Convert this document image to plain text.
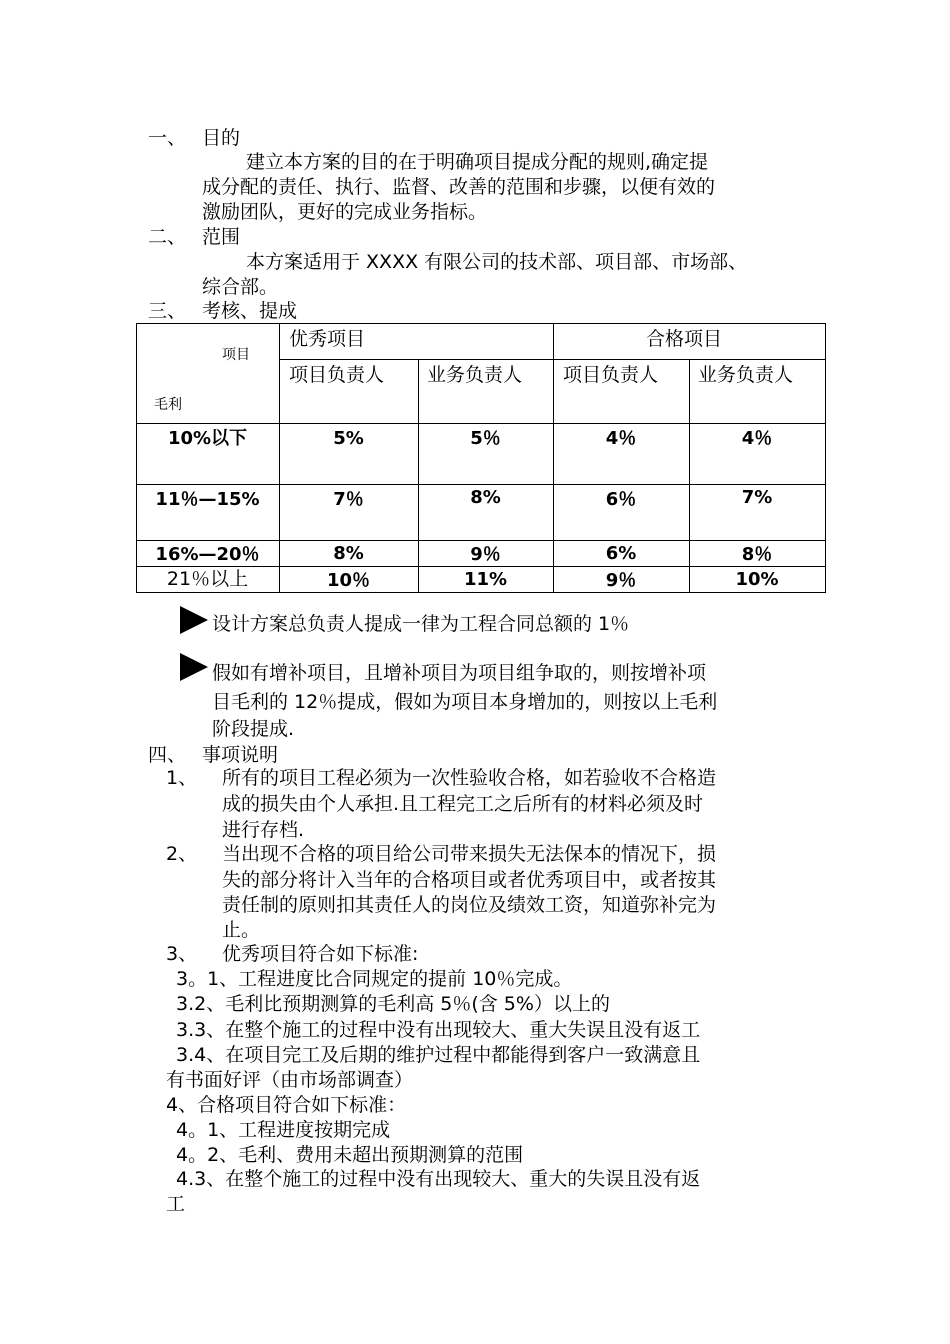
一、 目的
建立本方案的目的在于明确项目提成分配的规则,确定提
成分配的责任、执行、监督、改善的范围和步骤，以便有效的
激励团队，更好的完成业务指标。
二、 范围
本方案适用于 XXXX 有限公司的技术部、项目部、市场部、
综合部。
三、 考核、提成
项目
毛利
优秀项目	合格项目
项目负责人 业务负责人 项目负责人 业务负责人
10%以下	5%	5％	4％	4％
11％—15%	7％	8%	6％	7%
16%—20％	8%	9％	6%	8％
21％以上	10％	11%	9％	10%
设计方案总负责人提成一律为工程合同总额的 1％
假如有增补项目，且增补项目为项目组争取的，则按增补项
目毛利的 12％提成，假如为项目本身增加的，则按以上毛利
阶段提成.
四、 事项说明
1、 所有的项目工程必须为一次性验收合格，如若验收不合格造
成的损失由个人承担.且工程完工之后所有的材料必须及时
进行存档.
2、 当出现不合格的项目给公司带来损失无法保本的情况下，损
失的部分将计入当年的合格项目或者优秀项目中，或者按其
责任制的原则扣其责任人的岗位及绩效工资，知道弥补完为
止。
3、 优秀项目符合如下标准:
3。1、工程进度比合同规定的提前 10％完成。
3.2、毛利比预期测算的毛利高 5％(含 5%）以上的
3.3、在整个施工的过程中没有出现较大、重大失误且没有返工
3.4、在项目完工及后期的维护过程中都能得到客户一致满意且
有书面好评（由市场部调查）
4、合格项目符合如下标准：
4。1、工程进度按期完成
4。2、毛利、费用未超出预期测算的范围
4.3、在整个施工的过程中没有出现较大、重大的失误且没有返
工
